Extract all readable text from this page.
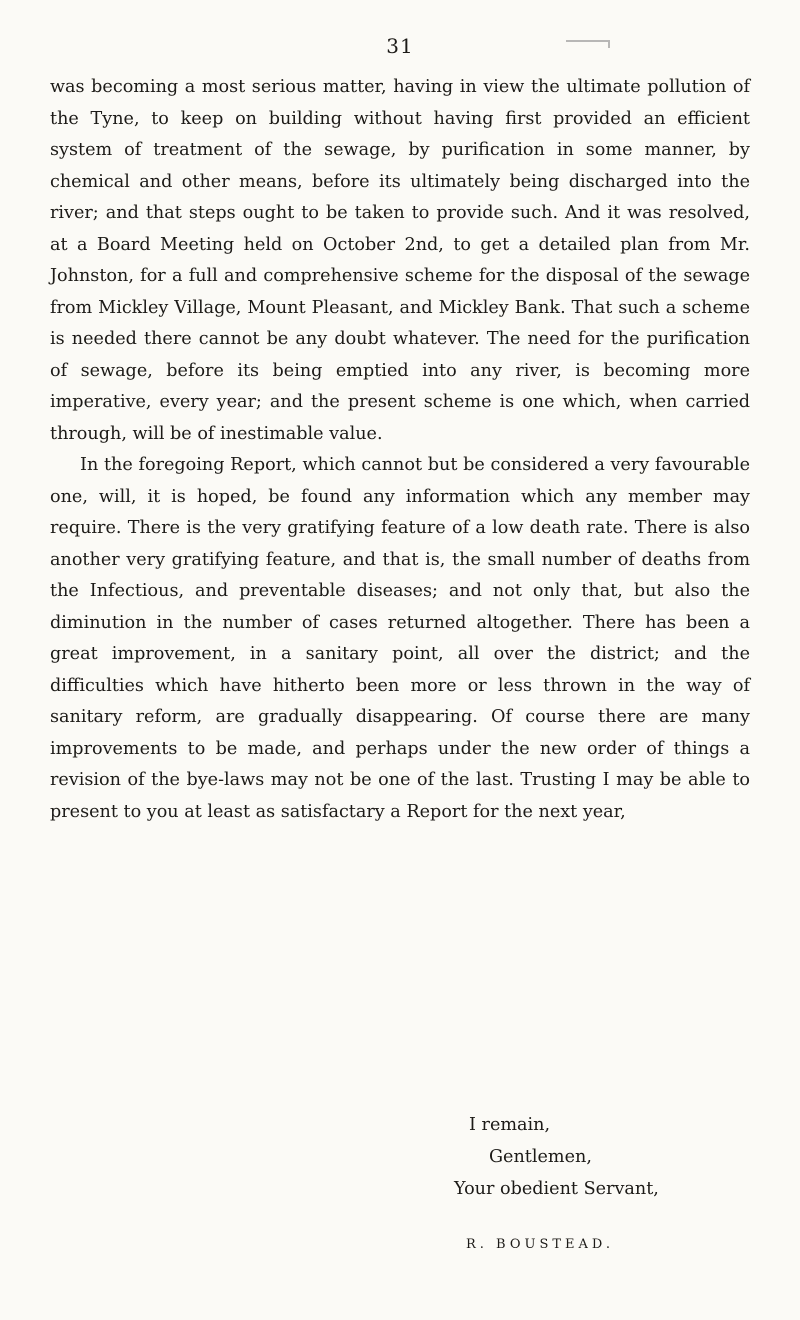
31

was becoming a most serious matter, having in view the ultimate pollution of the Tyne, to keep on building without having first provided an efficient system of treatment of the sewage, by purification in some manner, by chemical and other means, before its ultimately being discharged into the river; and that steps ought to be taken to provide such. And it was resolved, at a Board Meeting held on October 2nd, to get a detailed plan from Mr. Johnston, for a full and comprehensive scheme for the disposal of the sewage from Mickley Village, Mount Pleasant, and Mickley Bank. That such a scheme is needed there cannot be any doubt whatever. The need for the purification of sewage, before its being emptied into any river, is becoming more imperative, every year; and the present scheme is one which, when carried through, will be of inestimable value.

In the foregoing Report, which cannot but be considered a very favourable one, will, it is hoped, be found any information which any member may require. There is the very gratifying feature of a low death rate. There is also another very gratifying feature, and that is, the small number of deaths from the Infectious, and preventable diseases; and not only that, but also the diminution in the number of cases returned altogether. There has been a great improvement, in a sanitary point, all over the district; and the difficulties which have hitherto been more or less thrown in the way of sanitary reform, are gradually disappearing. Of course there are many improvements to be made, and perhaps under the new order of things a revision of the bye-laws may not be one of the last. Trusting I may be able to present to you at least as satisfactary a Report for the next year,

I remain,
Gentlemen,
Your obedient Servant,
R. BOUSTEAD.
